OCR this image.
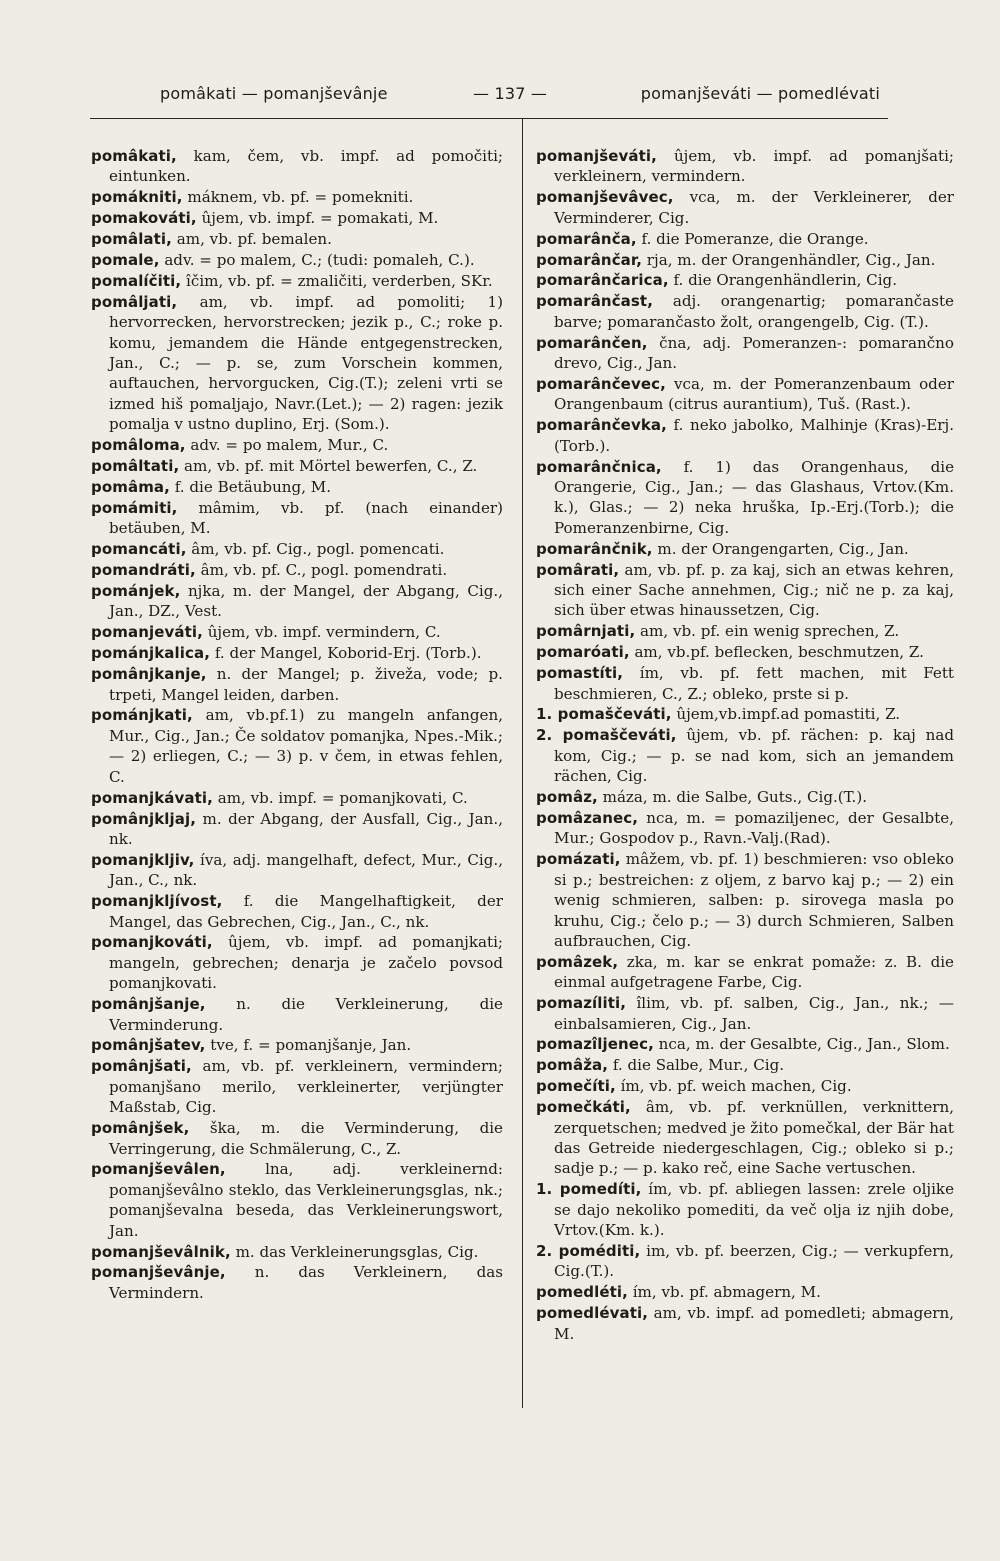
pomâkati — pomanjševânje	— 137 —	pomanjševáti — pomedlévati

pomâkati, kam, čem, vb. impf. ad pomočiti; eintunken.

pomákniti, máknem, vb. pf. = pomekniti.

pomakováti, ûjem, vb. impf. = pomakati, M.

pomâlati, am, vb. pf. bemalen.

pomale, adv. = po malem, C.; (tudi: pomaleh, C.).

pomalíčiti, îčim, vb. pf. = zmaličiti, verderben, SKr.

pomâljati, am, vb. impf. ad pomoliti; 1) hervorrecken, hervorstrecken; jezik p., C.; roke p. komu, jemandem die Hände entgegenstrecken, Jan., C.; — p. se, zum Vorschein kommen, auftauchen, hervorgucken, Cig.(T.); zeleni vrti se izmed hiš pomaljajo, Navr.(Let.); — 2) ragen: jezik pomalja v ustno duplino, Erj. (Som.).

pomâloma, adv. = po malem, Mur., C.

pomâltati, am, vb. pf. mit Mörtel bewerfen, C., Z.

pomâma, f. die Betäubung, M.

pomámiti, mâmim, vb. pf. (nach einander) betäuben, M.

pomancáti, âm, vb. pf. Cig., pogl. pomencati.

pomandráti, âm, vb. pf. C., pogl. pomendrati.

pománjek, njka, m. der Mangel, der Abgang, Cig., Jan., DZ., Vest.

pomanjeváti, ûjem, vb. impf. vermindern, C.

pománjkalica, f. der Mangel, Koborid-Erj. (Torb.).

pomânjkanje, n. der Mangel; p. živeža, vode; p. trpeti, Mangel leiden, darben.

pománjkati, am, vb.pf.1) zu mangeln anfangen, Mur., Cig., Jan.; Če soldatov pomanjka, Npes.-Mik.; — 2) erliegen, C.; — 3) p. v čem, in etwas fehlen, C.

pomanjkávati, am, vb. impf. = pomanjkovati, C.

pomânjkljaj, m. der Abgang, der Ausfall, Cig., Jan., nk.

pomanjkljiv, íva, adj. mangelhaft, defect, Mur., Cig., Jan., C., nk.

pomanjkljívost, f. die Mangelhaftigkeit, der Mangel, das Gebrechen, Cig., Jan., C., nk.

pomanjkováti, ûjem, vb. impf. ad pomanjkati; mangeln, gebrechen; denarja je začelo povsod pomanjkovati.

pomânjšanje, n. die Verkleinerung, die Verminderung.

pomânjšatev, tve, f. = pomanjšanje, Jan.

pomânjšati, am, vb. pf. verkleinern, vermindern; pomanjšano merilo, verkleinerter, verjüngter Maßstab, Cig.

pomânjšek, ška, m. die Verminderung, die Verringerung, die Schmälerung, C., Z.

pomanjševâlen, lna, adj. verkleinernd: pomanjševâlno steklo, das Verkleinerungsglas, nk.; pomanjševalna beseda, das Verkleinerungswort, Jan.

pomanjševâlnik, m. das Verkleinerungsglas, Cig.

pomanjševânje, n. das Verkleinern, das Vermindern.

pomanjševáti, ûjem, vb. impf. ad pomanjšati; verkleinern, vermindern.

pomanjševâvec, vca, m. der Verkleinerer, der Verminderer, Cig.

pomarânča, f. die Pomeranze, die Orange.

pomarânčar, rja, m. der Orangenhändler, Cig., Jan.

pomarânčarica, f. die Orangenhändlerin, Cig.

pomarânčast, adj. orangenartig; pomarančaste barve; pomarančasto žolt, orangengelb, Cig. (T.).

pomarânčen, čna, adj. Pomeranzen-: pomarančno drevo, Cig., Jan.

pomarânčevec, vca, m. der Pomeranzenbaum oder Orangenbaum (citrus aurantium), Tuš. (Rast.).

pomarânčevka, f. neko jabolko, Malhinje (Kras)-Erj.(Torb.).

pomarânčnica, f. 1) das Orangenhaus, die Orangerie, Cig., Jan.; — das Glashaus, Vrtov.(Km. k.), Glas.; — 2) neka hruška, Ip.-Erj.(Torb.); die Pomeranzenbirne, Cig.

pomarânčnik, m. der Orangengarten, Cig., Jan.

pomârati, am, vb. pf. p. za kaj, sich an etwas kehren, sich einer Sache annehmen, Cig.; nič ne p. za kaj, sich über etwas hinaussetzen, Cig.

pomârnjati, am, vb. pf. ein wenig sprechen, Z.

pomaróati, am, vb.pf. beflecken, beschmutzen, Z.

pomastíti, ím, vb. pf. fett machen, mit Fett beschmieren, C., Z.; obleko, prste si p.

1. pomaščeváti, ûjem,vb.impf.ad pomastiti, Z.

2. pomaščeváti, ûjem, vb. pf. rächen: p. kaj nad kom, Cig.; — p. se nad kom, sich an jemandem rächen, Cig.

pomâz, máza, m. die Salbe, Guts., Cig.(T.).

pomâzanec, nca, m. = pomaziljenec, der Gesalbte, Mur.; Gospodov p., Ravn.-Valj.(Rad).

pomázati, mâžem, vb. pf. 1) beschmieren: vso obleko si p.; bestreichen: z oljem, z barvo kaj p.; — 2) ein wenig schmieren, salben: p. sirovega masla po kruhu, Cig.; čelo p.; — 3) durch Schmieren, Salben aufbrauchen, Cig.

pomâzek, zka, m. kar se enkrat pomaže: z. B. die einmal aufgetragene Farbe, Cig.

pomazíliti, îlim, vb. pf. salben, Cig., Jan., nk.; — einbalsamieren, Cig., Jan.

pomazîljenec, nca, m. der Gesalbte, Cig., Jan., Slom.

pomâža, f. die Salbe, Mur., Cig.

pomečíti, ím, vb. pf. weich machen, Cig.

pomečkáti, âm, vb. pf. verknüllen, verknittern, zerquetschen; medved je žito pomečkal, der Bär hat das Getreide niedergeschlagen, Cig.; obleko si p.; sadje p.; — p. kako reč, eine Sache vertuschen.

1. pomedíti, ím, vb. pf. abliegen lassen: zrele oljike se dajo nekoliko pomediti, da več olja iz njih dobe, Vrtov.(Km. k.).

2. poméditi, im, vb. pf. beerzen, Cig.; — verkupfern, Cig.(T.).

pomedléti, ím, vb. pf. abmagern, M.

pomedlévati, am, vb. impf. ad pomedleti; abmagern, M.
